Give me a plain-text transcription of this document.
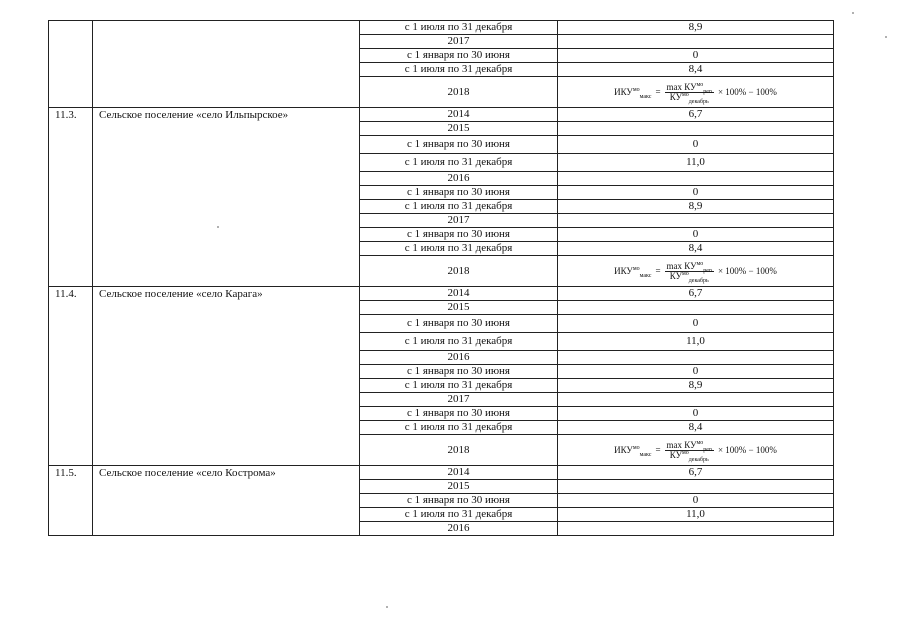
		с 1 июля по 31 декабря	8,9
		2017	
		с 1 января по 30 июня	0
		с 1 июля по 31 декабря	8,4
		2018	$ИКУ^{мо}_{макс} = \frac{\max КУ^{мо}_{pen}}{КУ^{мо}_{декабрь}} \times 100\% - 100\%$

11.3.	Сельское поселение «село Ильпырское»	2014	6,7
		2015	
		с 1 января по 30 июня	0
		с 1 июля по 31 декабря	11,0
		2016	
		с 1 января по 30 июня	0
		с 1 июля по 31 декабря	8,9
		2017	
		с 1 января по 30 июня	0
		с 1 июля по 31 декабря	8,4
		2018	$ИКУ^{мо}_{макс} = \frac{\max КУ^{мо}_{pen}}{КУ^{мо}_{декабрь}} \times 100\% - 100\%$

11.4.	Сельское поселение «село Карага»	2014	6,7
		2015	
		с 1 января по 30 июня	0
		с 1 июля по 31 декабря	11,0
		2016	
		с 1 января по 30 июня	0
		с 1 июля по 31 декабря	8,9
		2017	
		с 1 января по 30 июня	0
		с 1 июля по 31 декабря	8,4
		2018	$ИКУ^{мо}_{макс} = \frac{\max КУ^{мо}_{pen}}{КУ^{мо}_{декабрь}} \times 100\% - 100\%$

11.5.	Сельское поселение «село Кострома»	2014	6,7
		2015	
		с 1 января по 30 июня	0
		с 1 июля по 31 декабря	11,0
		2016	
